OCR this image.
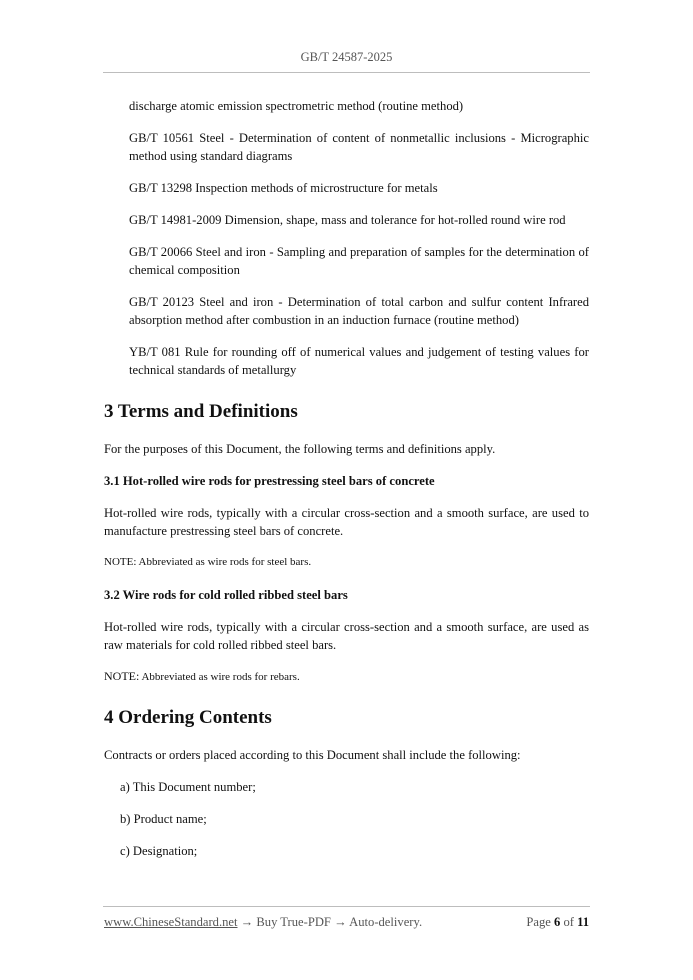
GB/T 24587-2025

discharge atomic emission spectrometric method (routine method)

GB/T 10561 Steel - Determination of content of nonmetallic inclusions - Micrographic method using standard diagrams

GB/T 13298 Inspection methods of microstructure for metals

GB/T 14981-2009 Dimension, shape, mass and tolerance for hot-rolled round wire rod

GB/T 20066 Steel and iron - Sampling and preparation of samples for the determination of chemical composition

GB/T 20123 Steel and iron - Determination of total carbon and sulfur content Infrared absorption method after combustion in an induction furnace (routine method)

YB/T 081 Rule for rounding off of numerical values and judgement of testing values for technical standards of metallurgy

3 Terms and Definitions

For the purposes of this Document, the following terms and definitions apply.

3.1 Hot-rolled wire rods for prestressing steel bars of concrete

Hot-rolled wire rods, typically with a circular cross-section and a smooth surface, are used to manufacture prestressing steel bars of concrete.

NOTE: Abbreviated as wire rods for steel bars.

3.2 Wire rods for cold rolled ribbed steel bars

Hot-rolled wire rods, typically with a circular cross-section and a smooth surface, are used as raw materials for cold rolled ribbed steel bars.

NOTE: Abbreviated as wire rods for rebars.

4 Ordering Contents

Contracts or orders placed according to this Document shall include the following:

a) This Document number;

b) Product name;

c) Designation;

www.ChineseStandard.net → Buy True-PDF → Auto-delivery.	Page 6 of 11
